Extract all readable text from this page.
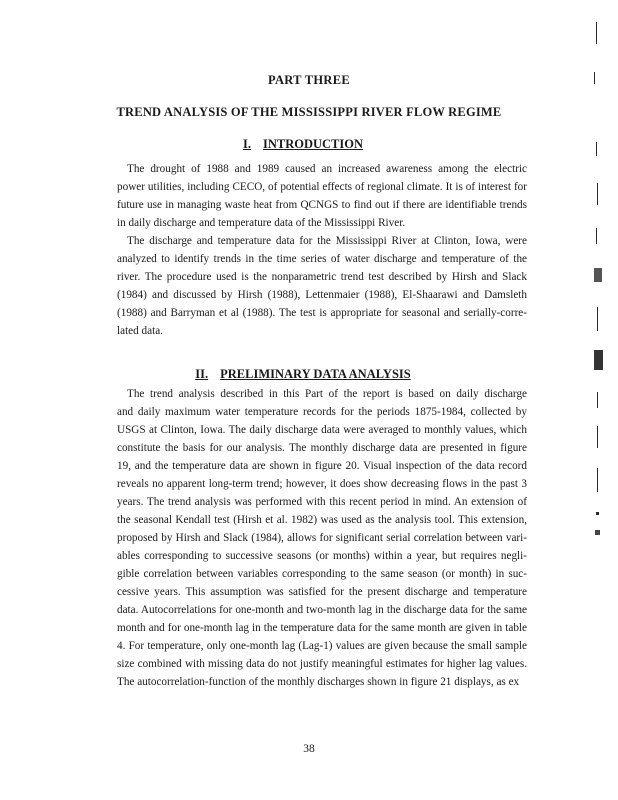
PART THREE
TREND ANALYSIS OF THE MISSISSIPPI RIVER FLOW REGIME
I. INTRODUCTION
The drought of 1988 and 1989 caused an increased awareness among the electric
power utilities, including CECO, of potential effects of regional climate. It is of interest for
future use in managing waste heat from QCNGS to find out if there are identifiable trends
in daily discharge and temperature data of the Mississippi River.
The discharge and temperature data for the Mississippi River at Clinton, Iowa, were
analyzed to identify trends in the time series of water discharge and temperature of the
river. The procedure used is the nonparametric trend test described by Hirsh and Slack
(1984) and discussed by Hirsh (1988), Lettenmaier (1988), El-Shaarawi and Damsleth
(1988) and Barryman et al (1988). The test is appropriate for seasonal and serially-corre-
lated data.
II. PRELIMINARY DATA ANALYSIS
The trend analysis described in this Part of the report is based on daily discharge
and daily maximum water temperature records for the periods 1875-1984, collected by
USGS at Clinton, Iowa. The daily discharge data were averaged to monthly values, which
constitute the basis for our analysis. The monthly discharge data are presented in figure
19, and the temperature data are shown in figure 20. Visual inspection of the data record
reveals no apparent long-term trend; however, it does show decreasing flows in the past 3
years. The trend analysis was performed with this recent period in mind. An extension of
the seasonal Kendall test (Hirsh et al. 1982) was used as the analysis tool. This extension,
proposed by Hirsh and Slack (1984), allows for significant serial correlation between vari-
ables corresponding to successive seasons (or months) within a year, but requires negli-
gible correlation between variables corresponding to the same season (or month) in suc-
cessive years. This assumption was satisfied for the present discharge and temperature
data. Autocorrelations for one-month and two-month lag in the discharge data for the same
month and for one-month lag in the temperature data for the same month are given in table
4. For temperature, only one-month lag (Lag-1) values are given because the small sample
size combined with missing data do not justify meaningful estimates for higher lag values.
The autocorrelation-function of the monthly discharges shown in figure 21 displays, as ex
38
